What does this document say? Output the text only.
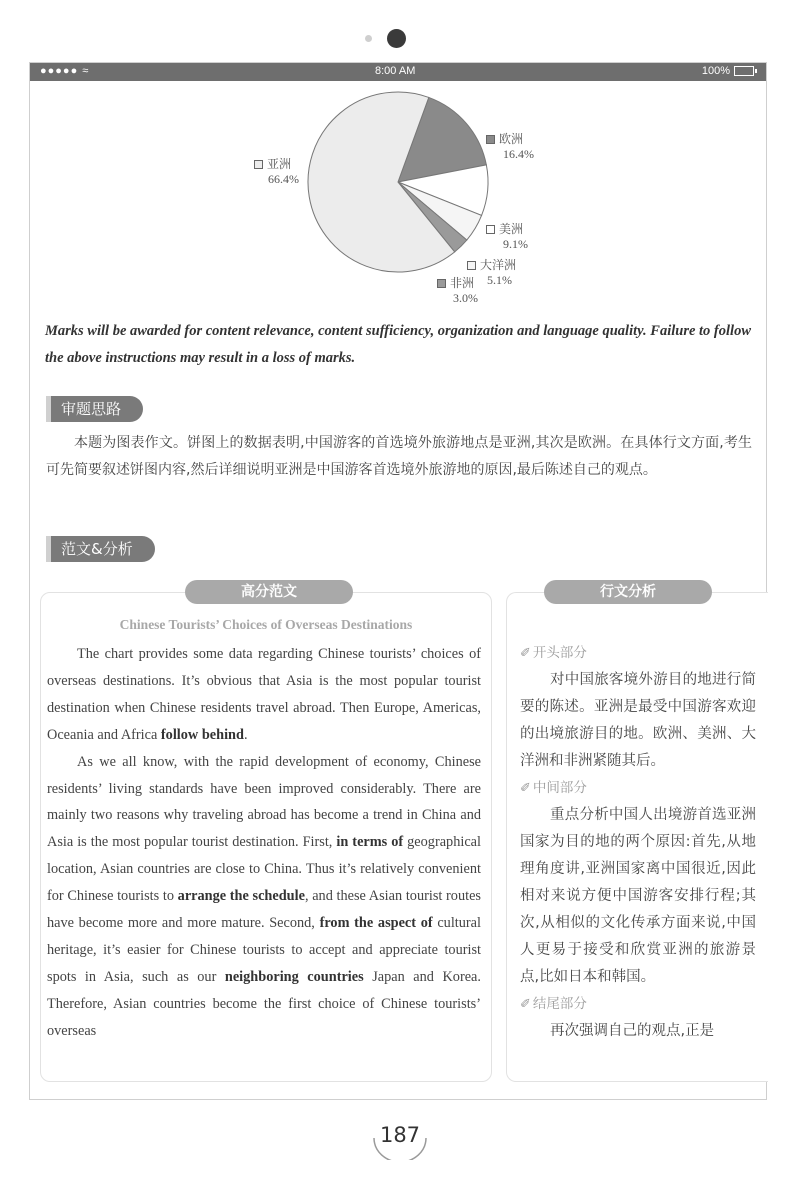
●●●●● ≈	8:00 AM	100%
亚洲
66.4%
欧洲
16.4%
美洲
9.1%
大洋洲
5.1%
非洲
3.0%
Marks will be awarded for content relevance, content sufficiency, organization and language quality. Failure to follow the above instructions may result in a loss of marks.
审题思路
本题为图表作文。饼图上的数据表明,中国游客的首选境外旅游地点是亚洲,其次是欧洲。在具体行文方面,考生可先简要叙述饼图内容,然后详细说明亚洲是中国游客首选境外旅游地的原因,最后陈述自己的观点。
范文&分析
高分范文
Chinese Tourists’ Choices of Overseas Destinations

The chart provides some data regarding Chinese tourists’ choices of overseas destinations. It’s obvious that Asia is the most popular tourist destination when Chinese residents travel abroad. Then Europe, Americas, Oceania and Africa follow behind.

As we all know, with the rapid development of economy, Chinese residents’ living standards have been improved considerably. There are mainly two reasons why traveling abroad has become a trend in China and Asia is the most popular tourist destination. First, in terms of geographical location, Asian countries are close to China. Thus it’s relatively convenient for Chinese tourists to arrange the schedule, and these Asian tourist routes have become more and more mature. Second, from the aspect of cultural heritage, it’s easier for Chinese tourists to accept and appreciate tourist spots in Asia, such as our neighboring countries Japan and Korea. Therefore, Asian countries become the first choice of Chinese tourists’ overseas

行文分析
✐ 开头部分

对中国旅客境外游目的地进行简要的陈述。亚洲是最受中国游客欢迎的出境旅游目的地。欧洲、美洲、大洋洲和非洲紧随其后。

✐ 中间部分

重点分析中国人出境游首选亚洲国家为目的地的两个原因:首先,从地理角度讲,亚洲国家离中国很近,因此相对来说方便中国游客安排行程;其次,从相似的文化传承方面来说,中国人更易于接受和欣赏亚洲的旅游景点,比如日本和韩国。

✐ 结尾部分

再次强调自己的观点,正是

187
